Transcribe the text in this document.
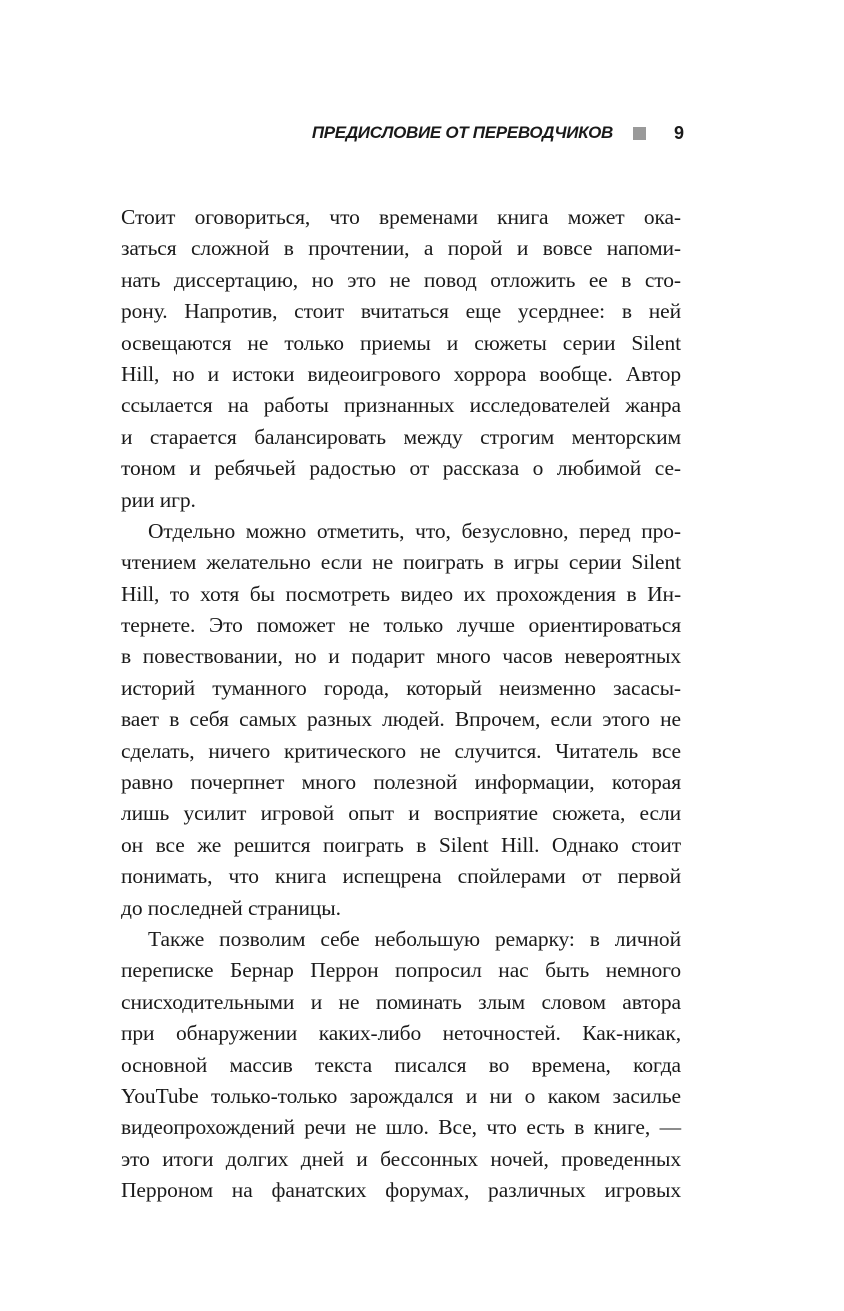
ПРЕДИСЛОВИЕ ОТ ПЕРЕВОДЧИКОВ	9
Стоит оговориться, что временами книга может ока-
заться сложной в прочтении, а порой и вовсе напоми-
нать диссертацию, но это не повод отложить ее в сто-
рону. Напротив, стоит вчитаться еще усерднее: в ней
освещаются не только приемы и сюжеты серии Silent
Hill, но и истоки видеоигрового хоррора вообще. Автор
ссылается на работы признанных исследователей жанра
и старается балансировать между строгим менторским
тоном и ребячьей радостью от рассказа о любимой се-
рии игр.
Отдельно можно отметить, что, безусловно, перед про-
чтением желательно если не поиграть в игры серии Silent
Hill, то хотя бы посмотреть видео их прохождения в Ин-
тернете. Это поможет не только лучше ориентироваться
в повествовании, но и подарит много часов невероятных
историй туманного города, который неизменно засасы-
вает в себя самых разных людей. Впрочем, если этого не
сделать, ничего критического не случится. Читатель все
равно почерпнет много полезной информации, которая
лишь усилит игровой опыт и восприятие сюжета, если
он все же решится поиграть в Silent Hill. Однако стоит
понимать, что книга испещрена спойлерами от первой
до последней страницы.
Также позволим себе небольшую ремарку: в личной
переписке Бернар Перрон попросил нас быть немного
снисходительными и не поминать злым словом автора
при обнаружении каких-либо неточностей. Как-никак,
основной массив текста писался во времена, когда
YouTube только-только зарождался и ни о каком засилье
видеопрохождений речи не шло. Все, что есть в книге, —
это итоги долгих дней и бессонных ночей, проведенных
Перроном на фанатских форумах, различных игровых
